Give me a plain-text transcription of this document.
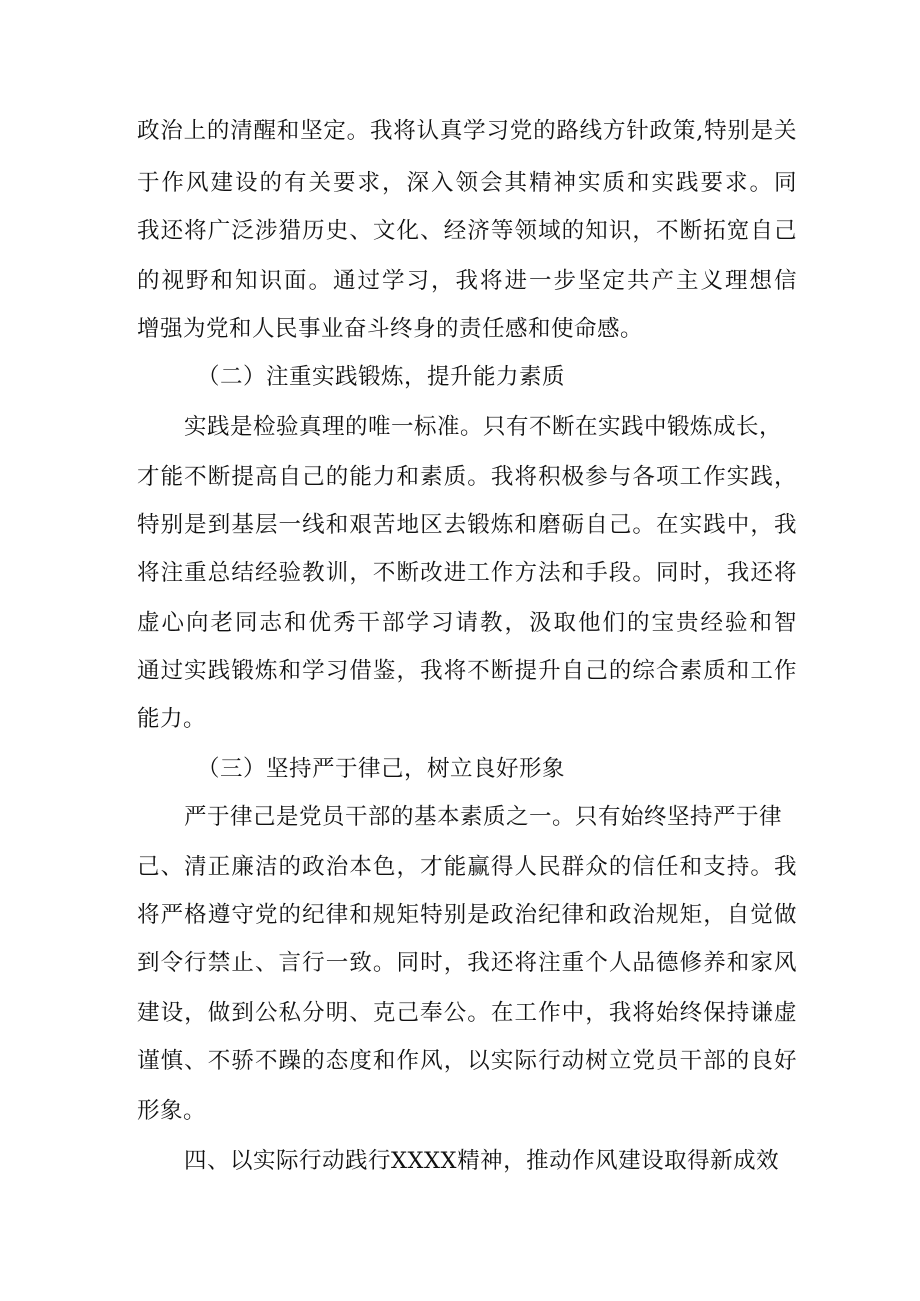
政治上的清醒和坚定。我将认真学习党的路线方针政策,特别是关
于作风建设的有关要求，深入领会其精神实质和实践要求。同
我还将广泛涉猎历史、文化、经济等领域的知识，不断拓宽自己
的视野和知识面。通过学习，我将进一步坚定共产主义理想信
增强为党和人民事业奋斗终身的责任感和使命感。
（二）注重实践锻炼，提升能力素质
实践是检验真理的唯一标准。只有不断在实践中锻炼成长，
才能不断提高自己的能力和素质。我将积极参与各项工作实践，
特别是到基层一线和艰苦地区去锻炼和磨砺自己。在实践中，我
将注重总结经验教训，不断改进工作方法和手段。同时，我还将
虚心向老同志和优秀干部学习请教，汲取他们的宝贵经验和智
通过实践锻炼和学习借鉴，我将不断提升自己的综合素质和工作
能力。
（三）坚持严于律己，树立良好形象
严于律己是党员干部的基本素质之一。只有始终坚持严于律
己、清正廉洁的政治本色，才能赢得人民群众的信任和支持。我
将严格遵守党的纪律和规矩特别是政治纪律和政治规矩，自觉做
到令行禁止、言行一致。同时，我还将注重个人品德修养和家风
建设，做到公私分明、克己奉公。在工作中，我将始终保持谦虚
谨慎、不骄不躁的态度和作风，以实际行动树立党员干部的良好
形象。
四、以实际行动践行XXXX精神，推动作风建设取得新成效
